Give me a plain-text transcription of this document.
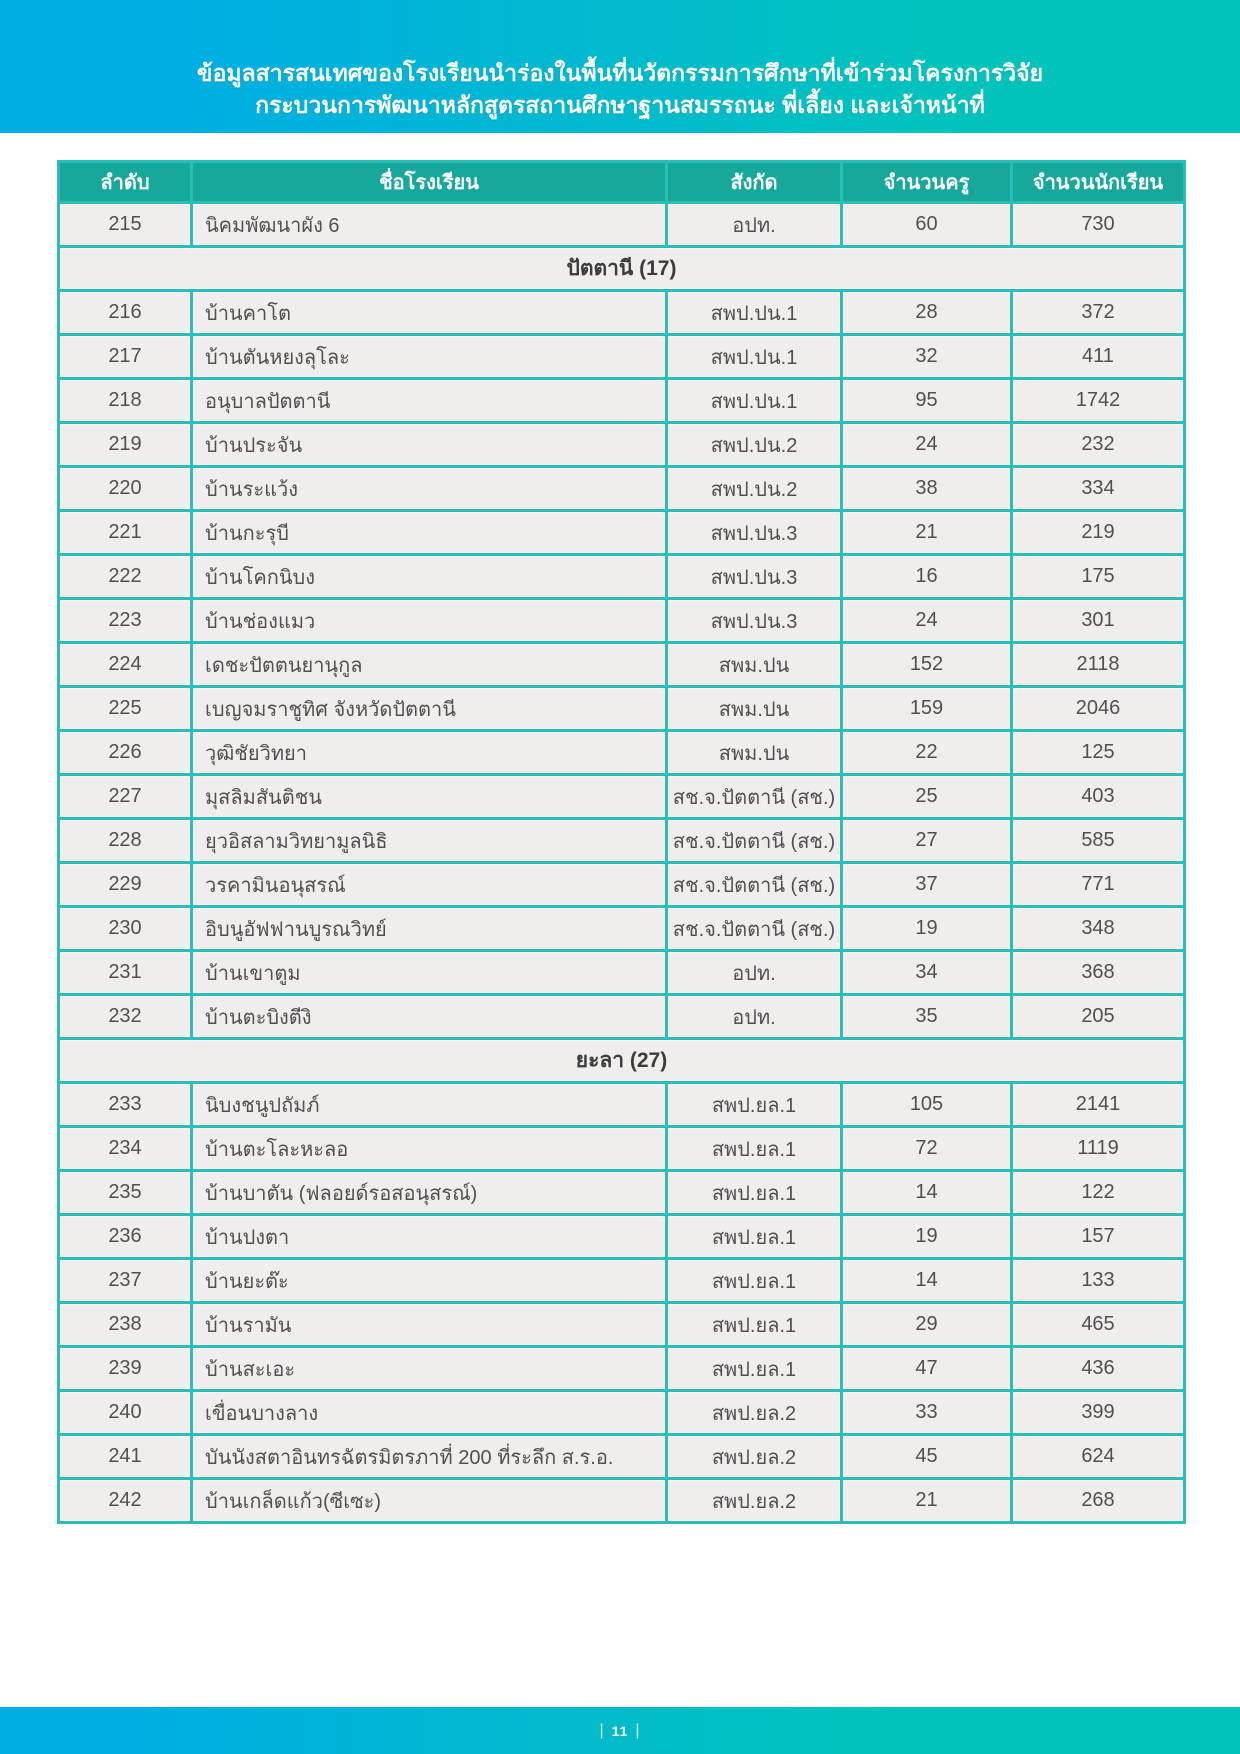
ข้อมูลสารสนเทศของโรงเรียนนำร่องในพื้นที่นวัตกรรมการศึกษาที่เข้าร่วมโครงการวิจัย
กระบวนการพัฒนาหลักสูตรสถานศึกษาฐานสมรรถนะ พี่เลี้ยง และเจ้าหน้าที่
ลำดับ	ชื่อโรงเรียน	สังกัด	จำนวนครู	จำนวนนักเรียน
215	นิคมพัฒนาผัง 6	อปท.	60	730
ปัตตานี (17)				
216	บ้านคาโต	สพป.ปน.1	28	372
217	บ้านตันหยงลุโละ	สพป.ปน.1	32	411
218	อนุบาลปัตตานี	สพป.ปน.1	95	1742
219	บ้านประจัน	สพป.ปน.2	24	232
220	บ้านระแว้ง	สพป.ปน.2	38	334
221	บ้านกะรุบี	สพป.ปน.3	21	219
222	บ้านโคกนิบง	สพป.ปน.3	16	175
223	บ้านช่องแมว	สพป.ปน.3	24	301
224	เดชะปัตตนยานุกูล	สพม.ปน	152	2118
225	เบญจมราชูทิศ จังหวัดปัตตานี	สพม.ปน	159	2046
226	วุฒิชัยวิทยา	สพม.ปน	22	125
227	มุสลิมสันติชน	สช.จ.ปัตตานี (สช.)	25	403
228	ยุวอิสลามวิทยามูลนิธิ	สช.จ.ปัตตานี (สช.)	27	585
229	วรคามินอนุสรณ์	สช.จ.ปัตตานี (สช.)	37	771
230	อิบนูอัฟฟานบูรณวิทย์	สช.จ.ปัตตานี (สช.)	19	348
231	บ้านเขาตูม	อปท.	34	368
232	บ้านตะบิงตีงิ	อปท.	35	205
ยะลา (27)				
233	นิบงชนูปถัมภ์	สพป.ยล.1	105	2141
234	บ้านตะโละหะลอ	สพป.ยล.1	72	1119
235	บ้านบาตัน (ฟลอยด์รอสอนุสรณ์)	สพป.ยล.1	14	122
236	บ้านปงตา	สพป.ยล.1	19	157
237	บ้านยะต๊ะ	สพป.ยล.1	14	133
238	บ้านรามัน	สพป.ยล.1	29	465
239	บ้านสะเอะ	สพป.ยล.1	47	436
240	เขื่อนบางลาง	สพป.ยล.2	33	399
241	บันนังสตาอินทรฉัตรมิตรภาที่ 200 ที่ระลึก ส.ร.อ.	สพป.ยล.2	45	624
242	บ้านเกล็ดแก้ว(ซีเซะ)	สพป.ยล.2	21	268
| 11 |
